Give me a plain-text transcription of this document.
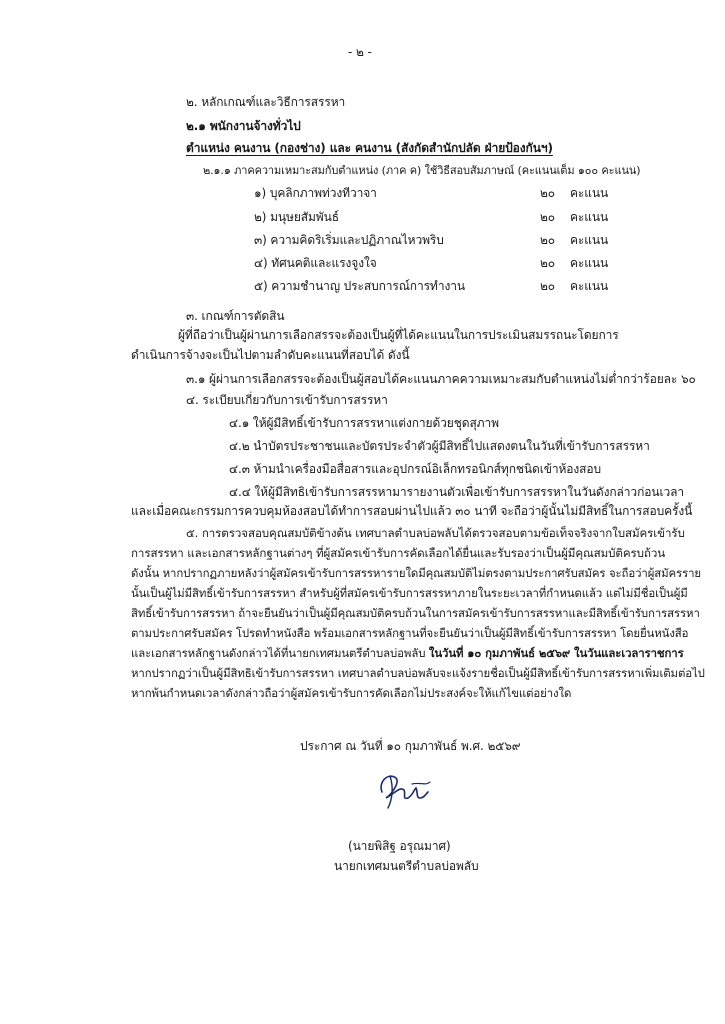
- ๒ -
๒. หลักเกณฑ์และวิธีการสรรหา
๒.๑ พนักงานจ้างทั่วไป
ตำแหน่ง คนงาน (กองช่าง) และ คนงาน (สังกัดสำนักปลัด ฝ่ายป้องกันฯ)
๒.๑.๑ ภาคความเหมาะสมกับตำแหน่ง (ภาค ค) ใช้วิธีสอบสัมภาษณ์ (คะแนนเต็ม ๑๐๐ คะแนน)
๑) บุคลิกภาพท่วงทีวาจา	๒๐ คะแนน
๒) มนุษยสัมพันธ์	๒๐ คะแนน
๓) ความคิดริเริ่มและปฏิภาณไหวพริบ	๒๐ คะแนน
๔) ทัศนคติและแรงจูงใจ	๒๐ คะแนน
๕) ความชำนาญ ประสบการณ์การทำงาน	๒๐ คะแนน
๓. เกณฑ์การตัดสิน
ผู้ที่ถือว่าเป็นผู้ผ่านการเลือกสรรจะต้องเป็นผู้ที่ได้คะแนนในการประเมินสมรรถนะโดยการ
ดำเนินการจ้างจะเป็นไปตามลำดับคะแนนที่สอบได้ ดังนี้
๓.๑ ผู้ผ่านการเลือกสรรจะต้องเป็นผู้สอบได้คะแนนภาคความเหมาะสมกับตำแหน่งไม่ต่ำกว่าร้อยละ ๖๐
๔. ระเบียบเกี่ยวกับการเข้ารับการสรรหา
๔.๑ ให้ผู้มีสิทธิ์เข้ารับการสรรหาแต่งกายด้วยชุดสุภาพ
๔.๒ นำบัตรประชาชนและบัตรประจำตัวผู้มีสิทธิ์ไปแสดงตนในวันที่เข้ารับการสรรหา
๔.๓ ห้ามนำเครื่องมือสื่อสารและอุปกรณ์อิเล็กทรอนิกส์ทุกชนิดเข้าห้องสอบ
๔.๔ ให้ผู้มีสิทธิเข้ารับการสรรหามารายงานตัวเพื่อเข้ารับการสรรหาในวันดังกล่าวก่อนเวลา
และเมื่อคณะกรรมการควบคุมห้องสอบได้ทำการสอบผ่านไปแล้ว ๓๐ นาที จะถือว่าผู้นั้นไม่มีสิทธิ์ในการสอบครั้งนี้
๕. การตรวจสอบคุณสมบัติข้างต้น เทศบาลตำบลบ่อพลับได้ตรวจสอบตามข้อเท็จจริงจากใบสมัครเข้ารับ
การสรรหา และเอกสารหลักฐานต่างๆ ที่ผู้สมัครเข้ารับการคัดเลือกได้ยื่นและรับรองว่าเป็นผู้มีคุณสมบัติครบถ้วน
ดังนั้น หากปรากฏภายหลังว่าผู้สมัครเข้ารับการสรรหารายใดมีคุณสมบัติไม่ตรงตามประกาศรับสมัคร จะถือว่าผู้สมัครราย
นั้นเป็นผู้ไม่มีสิทธิ์เข้ารับการสรรหา สำหรับผู้ที่สมัครเข้ารับการสรรหาภายในระยะเวลาที่กำหนดแล้ว แต่ไม่มีชื่อเป็นผู้มี
สิทธิ์เข้ารับการสรรหา ถ้าจะยืนยันว่าเป็นผู้มีคุณสมบัติครบถ้วนในการสมัครเข้ารับการสรรหาและมีสิทธิ์เข้ารับการสรรหา
ตามประกาศรับสมัคร โปรดทำหนังสือ พร้อมเอกสารหลักฐานที่จะยืนยันว่าเป็นผู้มีสิทธิ์เข้ารับการสรรหา โดยยื่นหนังสือ
และเอกสารหลักฐานดังกล่าวได้ที่นายกเทศมนตรีตำบลบ่อพลับ ในวันที่ ๑๐ กุมภาพันธ์ ๒๕๖๙ ในวันและเวลาราชการ
หากปรากฏว่าเป็นผู้มีสิทธิเข้ารับการสรรหา เทศบาลตำบลบ่อพลับจะแจ้งรายชื่อเป็นผู้มีสิทธิ์เข้ารับการสรรหาเพิ่มเติมต่อไป
หากพ้นกำหนดเวลาดังกล่าวถือว่าผู้สมัครเข้ารับการคัดเลือกไม่ประสงค์จะให้แก้ไขแต่อย่างใด
ประกาศ ณ วันที่ ๑๐ กุมภาพันธ์ พ.ศ. ๒๕๖๙
(นายพิสิฐ อรุณมาศ)
นายกเทศมนตรีตำบลบ่อพลับ
